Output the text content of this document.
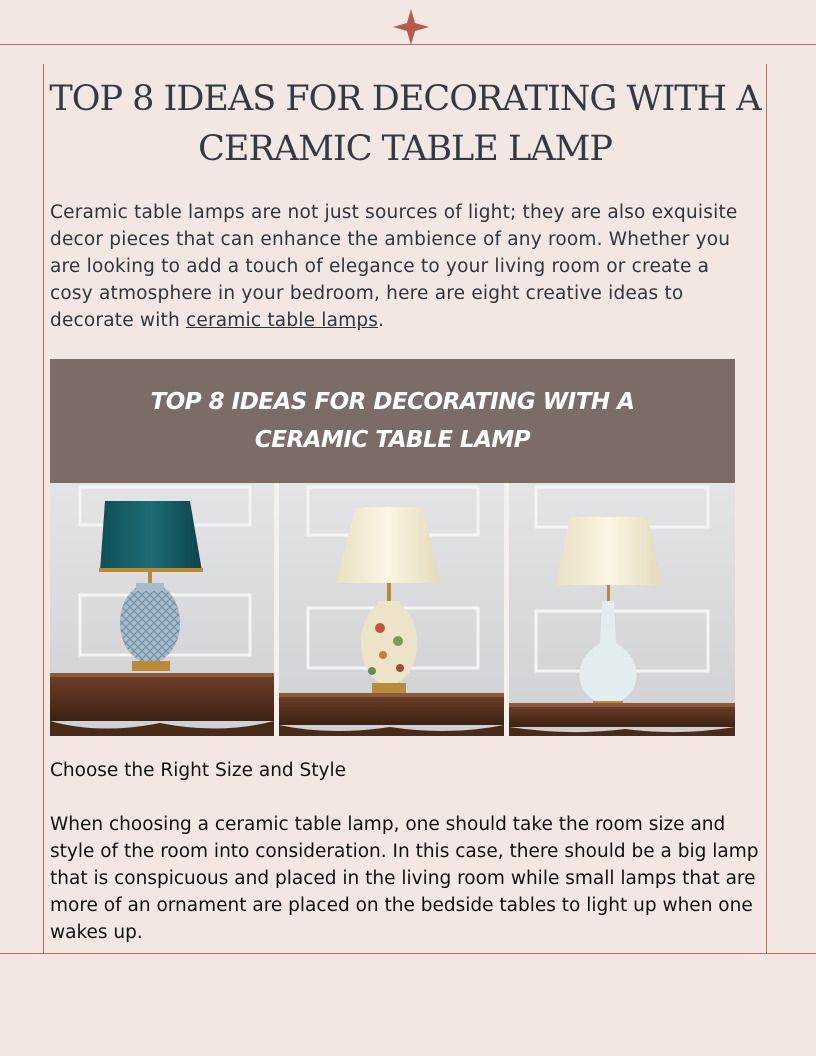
TOP 8 IDEAS FOR DECORATING WITH A CERAMIC TABLE LAMP

Ceramic table lamps are not just sources of light; they are also exquisite decor pieces that can enhance the ambience of any room. Whether you are looking to add a touch of elegance to your living room or create a cosy atmosphere in your bedroom, here are eight creative ideas to decorate with ceramic table lamps.

TOP 8 IDEAS FOR DECORATING WITH A
CERAMIC TABLE LAMP

Choose the Right Size and Style

When choosing a ceramic table lamp, one should take the room size and style of the room into consideration. In this case, there should be a big lamp that is conspicuous and placed in the living room while small lamps that are more of an ornament are placed on the bedside tables to light up when one wakes up.
